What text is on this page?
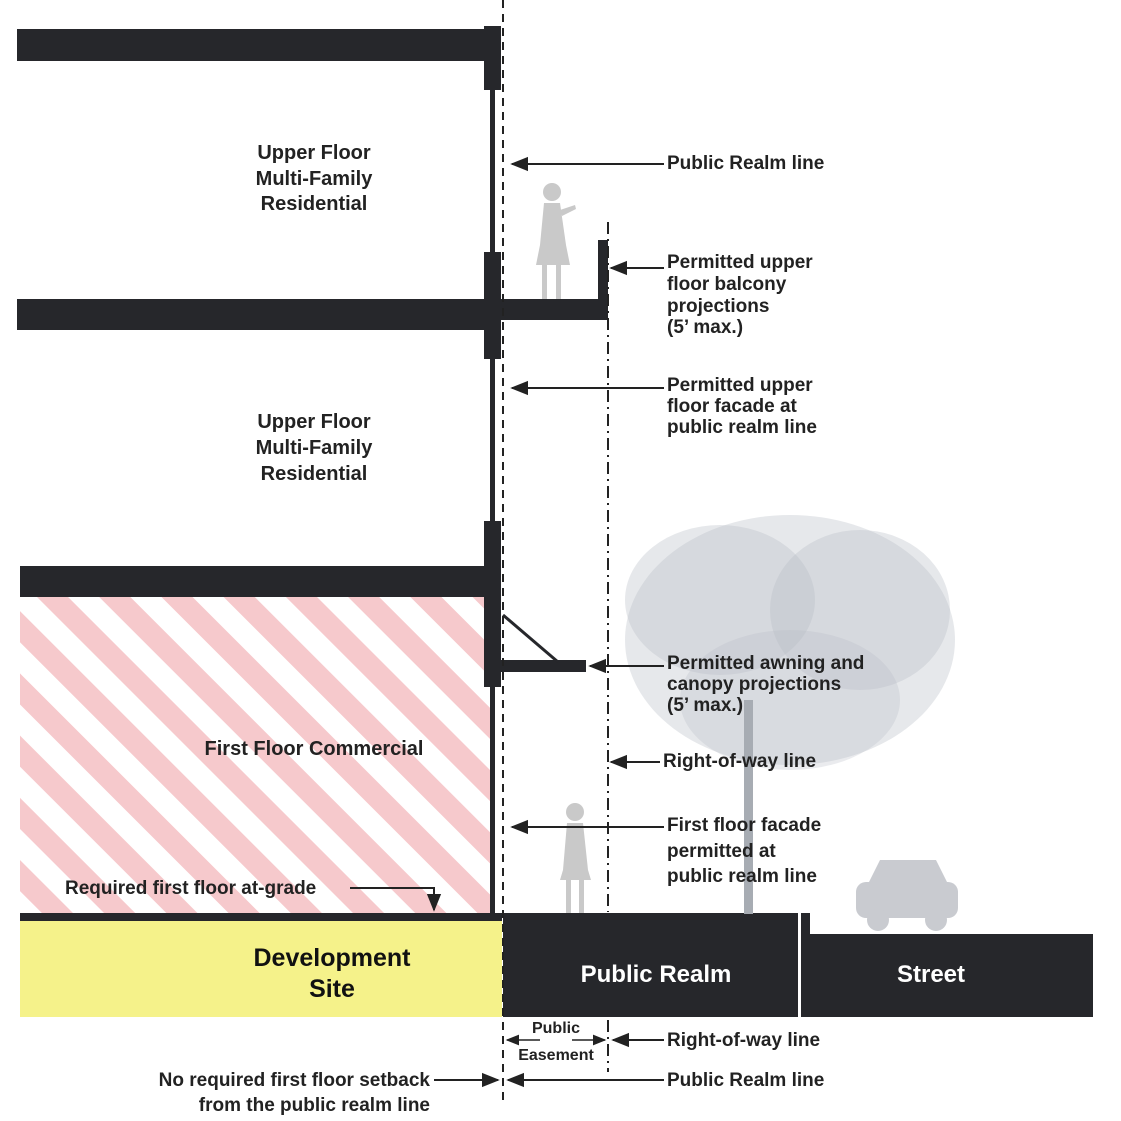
Upper Floor
Multi-Family
Residential
Upper Floor
Multi-Family
Residential
First Floor Commercial
Development
Site
Public Realm	Street
Public Realm line
Permitted upper
floor balcony
projections
(5’ max.)
Permitted upper
floor facade at
public realm line
Permitted awning and
canopy projections
(5’ max.)
Right-of-way line
First floor facade
permitted at
public realm line
Required first floor at-grade
Public
Easement
Right-of-way line
Public Realm line
No required first floor setback
from the public realm line
